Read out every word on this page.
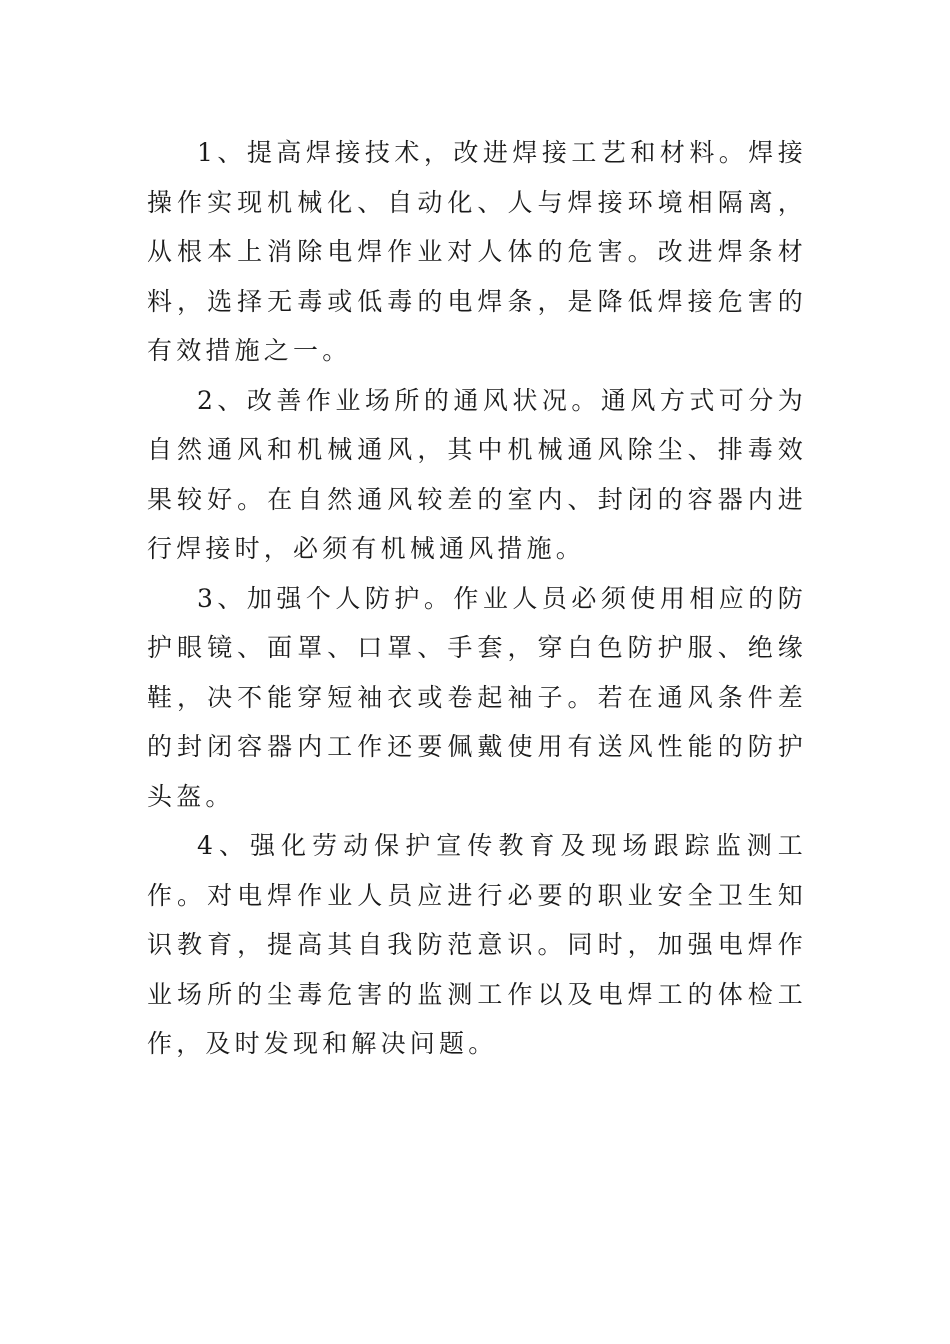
1、提高焊接技术，改进焊接工艺和材料。焊接操作实现机械化、自动化、人与焊接环境相隔离，从根本上消除电焊作业对人体的危害。改进焊条材料，选择无毒或低毒的电焊条，是降低焊接危害的有效措施之一。

2、改善作业场所的通风状况。通风方式可分为自然通风和机械通风，其中机械通风除尘、排毒效果较好。在自然通风较差的室内、封闭的容器内进行焊接时，必须有机械通风措施。

3、加强个人防护。作业人员必须使用相应的防护眼镜、面罩、口罩、手套，穿白色防护服、绝缘鞋，决不能穿短袖衣或卷起袖子。若在通风条件差的封闭容器内工作还要佩戴使用有送风性能的防护头盔。

4、强化劳动保护宣传教育及现场跟踪监测工作。对电焊作业人员应进行必要的职业安全卫生知识教育，提高其自我防范意识。同时，加强电焊作业场所的尘毒危害的监测工作以及电焊工的体检工作，及时发现和解决问题。
